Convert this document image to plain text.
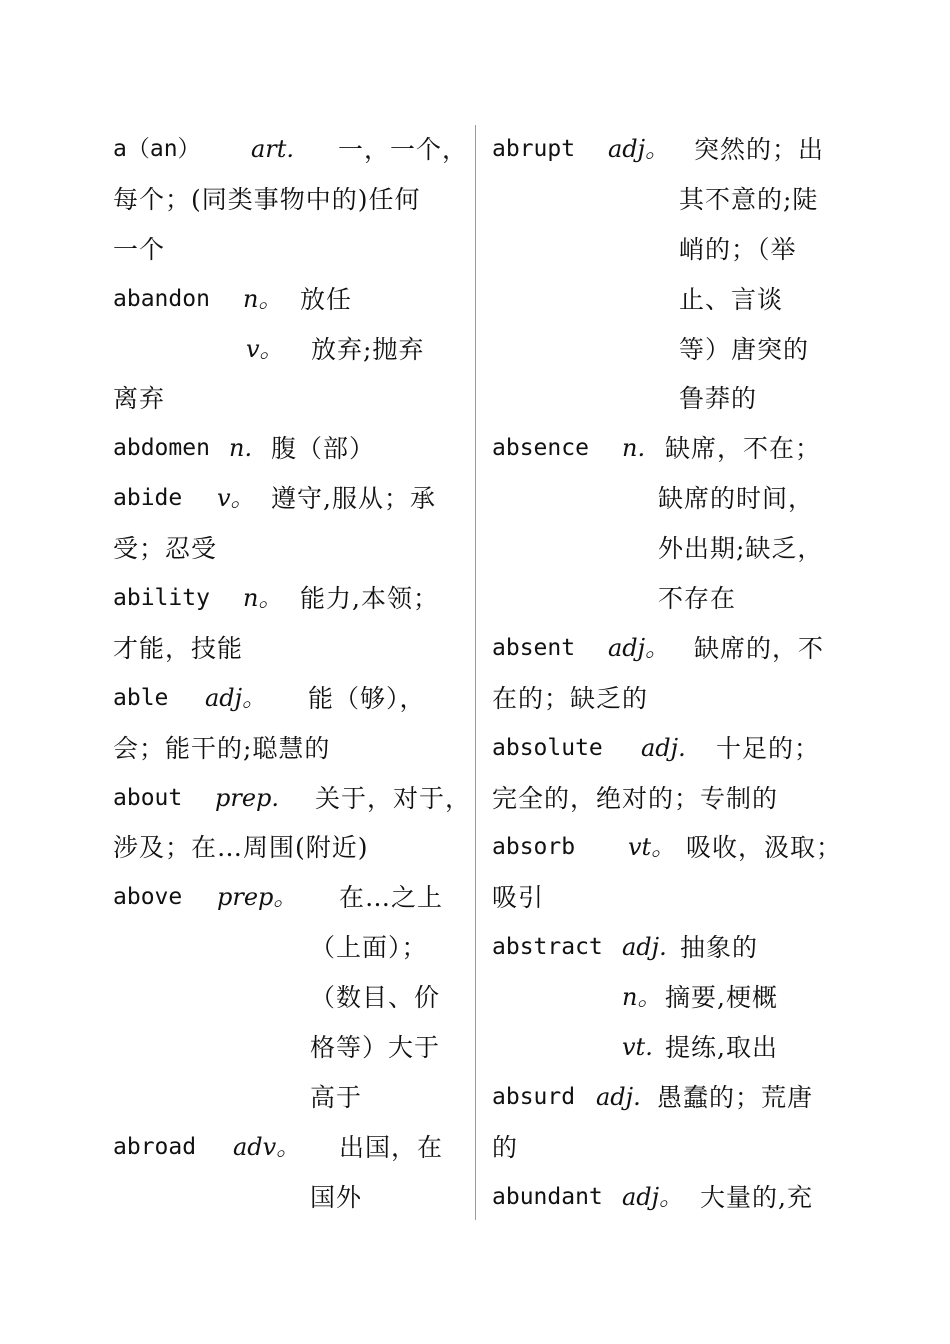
a（an） art. 一，一个，
每个；(同类事物中的)任何
一个
abandon n。 放任
v。 放弃;抛弃
离弃
abdomen n. 腹（部）
abide v。 遵守,服从；承
受；忍受
ability n。 能力,本领；
才能，技能
able adj。 能（够），
会；能干的;聪慧的
about prep. 关于，对于，
涉及；在…周围(附近)
above prep。 在…之上
（上面）；
（数目、价
格等）大于
高于
abroad adv。 出国，在
国外
abrupt adj。 突然的；出
其不意的;陡
峭的；（举
止、言谈
等）唐突的
鲁莽的
absence n. 缺席，不在；
缺席的时间，
外出期;缺乏，
不存在
absent adj。 缺席的，不
在的；缺乏的
absolute adj. 十足的；
完全的，绝对的；专制的
absorb vt。 吸收，汲取；
吸引
abstract adj. 抽象的
n。 摘要,梗概
vt. 提练,取出
absurd adj. 愚蠢的；荒唐
的
abundant adj。 大量的,充
